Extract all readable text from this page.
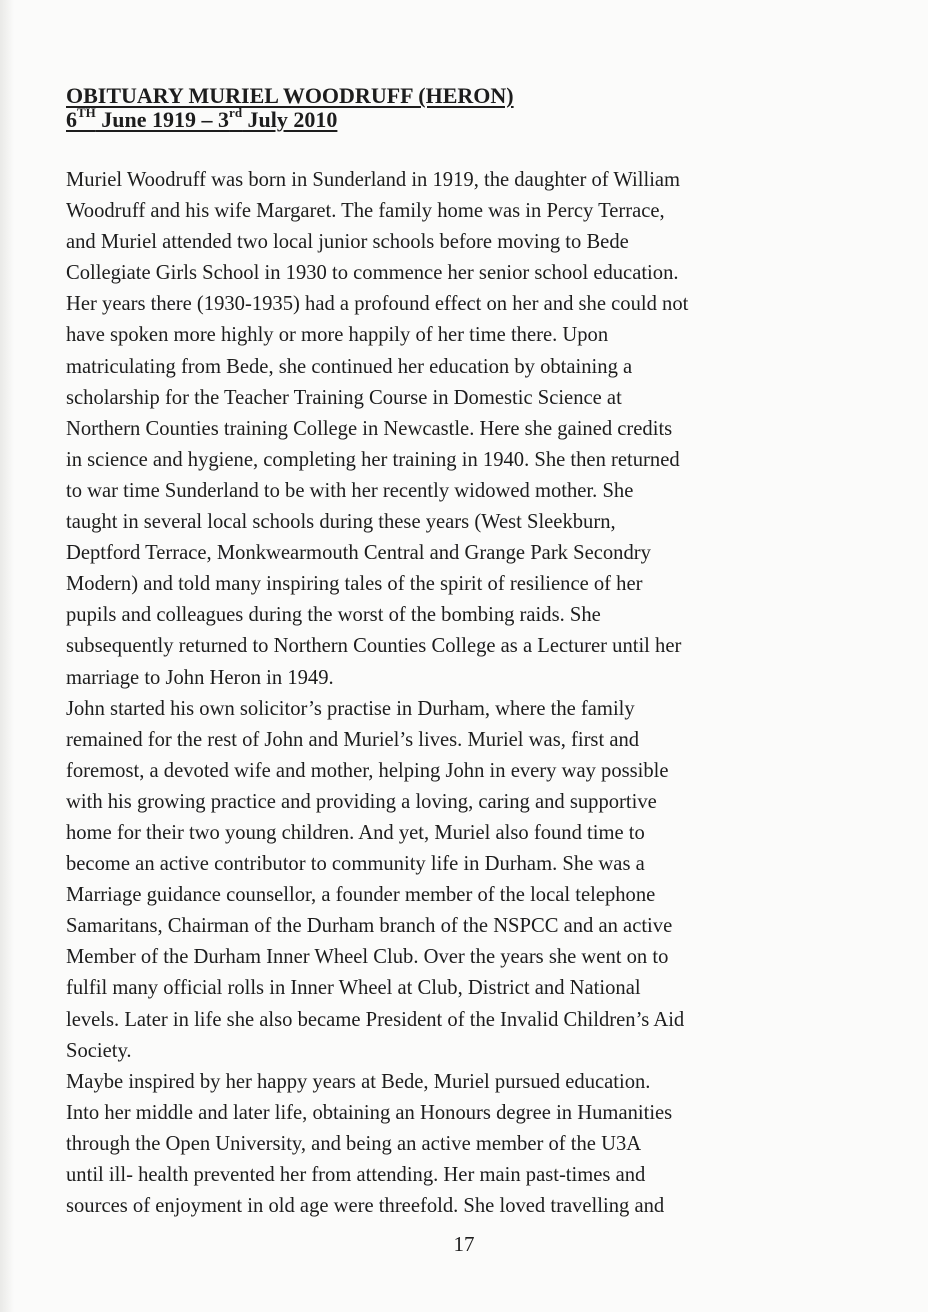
OBITUARY MURIEL WOODRUFF (HERON)
6TH June 1919 – 3rd July 2010
Muriel Woodruff was born in Sunderland in 1919, the daughter of William
Woodruff and his wife Margaret. The family home was in Percy Terrace,
and Muriel attended two local junior schools before moving to Bede
Collegiate Girls School in 1930 to commence her senior school education.
Her years there (1930-1935) had a profound effect on her and she could not
have spoken more highly or more happily of her time there. Upon
matriculating from Bede, she continued her education by obtaining a
scholarship for the Teacher Training Course in Domestic Science at
Northern Counties training College in Newcastle. Here she gained credits
in science and hygiene, completing her training in 1940. She then returned
to war time Sunderland to be with her recently widowed mother. She
taught in several local schools during these years (West Sleekburn,
Deptford Terrace, Monkwearmouth Central and Grange Park Secondry
Modern) and told many inspiring tales of the spirit of resilience of her
pupils and colleagues during the worst of the bombing raids. She
subsequently returned to Northern Counties College as a Lecturer until her
marriage to John Heron in 1949.
John started his own solicitor’s practise in Durham, where the family
remained for the rest of John and Muriel’s lives. Muriel was, first and
foremost, a devoted wife and mother, helping John in every way possible
with his growing practice and providing a loving, caring and supportive
home for their two young children. And yet, Muriel also found time to
become an active contributor to community life in Durham. She was a
Marriage guidance counsellor, a founder member of the local telephone
Samaritans, Chairman of the Durham branch of the NSPCC and an active
Member of the Durham Inner Wheel Club. Over the years she went on to
fulfil many official rolls in Inner Wheel at Club, District and National
levels. Later in life she also became President of the Invalid Children’s Aid
Society.
Maybe inspired by her happy years at Bede, Muriel pursued education.
Into her middle and later life, obtaining an Honours degree in Humanities
through the Open University, and being an active member of the U3A
until ill- health prevented her from attending. Her main past-times and
sources of enjoyment in old age were threefold. She loved travelling and
17
